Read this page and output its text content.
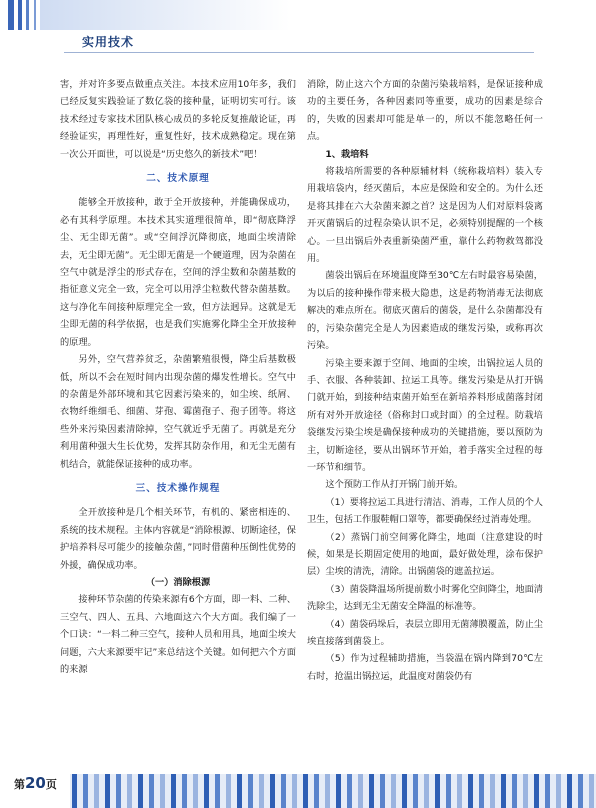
实用技术

害，并对许多要点做重点关注。本技术应用10年多，我们已经反复实践验证了数亿袋的接种量，证明切实可行。该技术经过专家技术团队核心成员的多轮反复推敲论证，再经验证实，再理性好，重复性好，技术成熟稳定。现在第一次公开面世，可以说是“历史悠久的新技术”吧！

二、技术原理

能够全开放接种，敢于全开放接种，并能确保成功，必有其科学原理。本技术其实道理很简单，即“彻底降浮尘、无尘即无菌”。或“空间浮沉降彻底，地面尘埃清除去，无尘即无菌”。无尘即无菌是一个硬道理，因为杂菌在空气中就是浮尘的形式存在，空间的浮尘数和杂菌基数的指征意义完全一致，完全可以用浮尘粒数代替杂菌基数。这与净化车间接种原理完全一致，但方法迥异。这就是无尘即无菌的科学依据，也是我们实施雾化降尘全开放接种的原理。

另外，空气营养贫乏，杂菌繁殖很慢，降尘后基数极低，所以不会在短时间内出现杂菌的爆发性增长。空气中的杂菌是外部环境和其它因素污染来的，如尘埃、纸屑、衣物纤维细毛、细菌、芽孢、霉菌孢子、孢子团等。将这些外来污染因素清除掉，空气就近乎无菌了。再就是充分利用菌种强大生长优势，发挥其防杂作用，和无尘无菌有机结合，就能保证接种的成功率。

三、技术操作规程

全开放接种是几个相关环节，有机的、紧密相连的、系统的技术规程。主体内容就是“消除根源、切断途径，保护培养料尽可能少的接触杂菌，”同时借菌种压倒性优势的外援，确保成功率。

（一）消除根源

接种环节杂菌的传染来源有6个方面，即一料、二种、三空气、四人、五具、六地面这六个大方面。我们编了一个口诀：“一料二种三空气，接种人员和用具，地面尘埃大问题，六大来源要牢记”来总结这个关键。如何把六个方面的来源

消除，防止这六个方面的杂菌污染栽培料，是保证接种成功的主要任务，各种因素同等重要，成功的因素是综合的，失败的因素却可能是单一的，所以不能忽略任何一点。

1、栽培料

将栽培所需要的各种原辅材料（统称栽培料）装入专用栽培袋内，经灭菌后，本应是保险和安全的。为什么还是将其排在六大杂菌来源之首？这是因为人们对原料袋离开灭菌锅后的过程杂染认识不足，必须特别提醒的一个核心。一旦出锅后外表重新染菌严重，靠什么药物救驾都没用。

菌袋出锅后在环境温度降至30℃左右时最容易染菌，为以后的接种操作带来极大隐患，这是药物消毒无法彻底解决的难点所在。彻底灭菌后的菌袋，是什么杂菌都没有的，污染杂菌完全是人为因素造成的继发污染，或称再次污染。

污染主要来源于空间、地面的尘埃，出锅拉运人员的手、衣服、各种装卸、拉运工具等。继发污染是从打开锅门就开始，到接种结束菌开始至在新培养料形成菌落封闭所有对外开放途径（俗称封口或封面）的全过程。防栽培袋继发污染尘埃是确保接种成功的关键措施，要以预防为主，切断途径，要从出锅环节开始，着手落实全过程的每一环节和细节。

这个预防工作从打开锅门前开始。

（1）要将拉运工具进行清洁、消毒，工作人员的个人卫生，包括工作服鞋帽口罩等，都要确保经过消毒处理。

（2）蒸锅门前空间雾化降尘，地面（注意建设的时候，如果是长期固定使用的地面，最好做处理，涂布保护层）尘埃的清洗，清除。出锅菌袋的遮盖拉运。

（3）菌袋降温场所提前数小时雾化空间降尘，地面清洗除尘，达到无尘无菌安全降温的标准等。

（4）菌袋码垛后，表层立即用无菌薄膜覆盖，防止尘埃直接落到菌袋上。

（5）作为过程辅助措施，当袋温在锅内降到70℃左右时，抢温出锅拉运，此温度对菌袋仍有

第20页
